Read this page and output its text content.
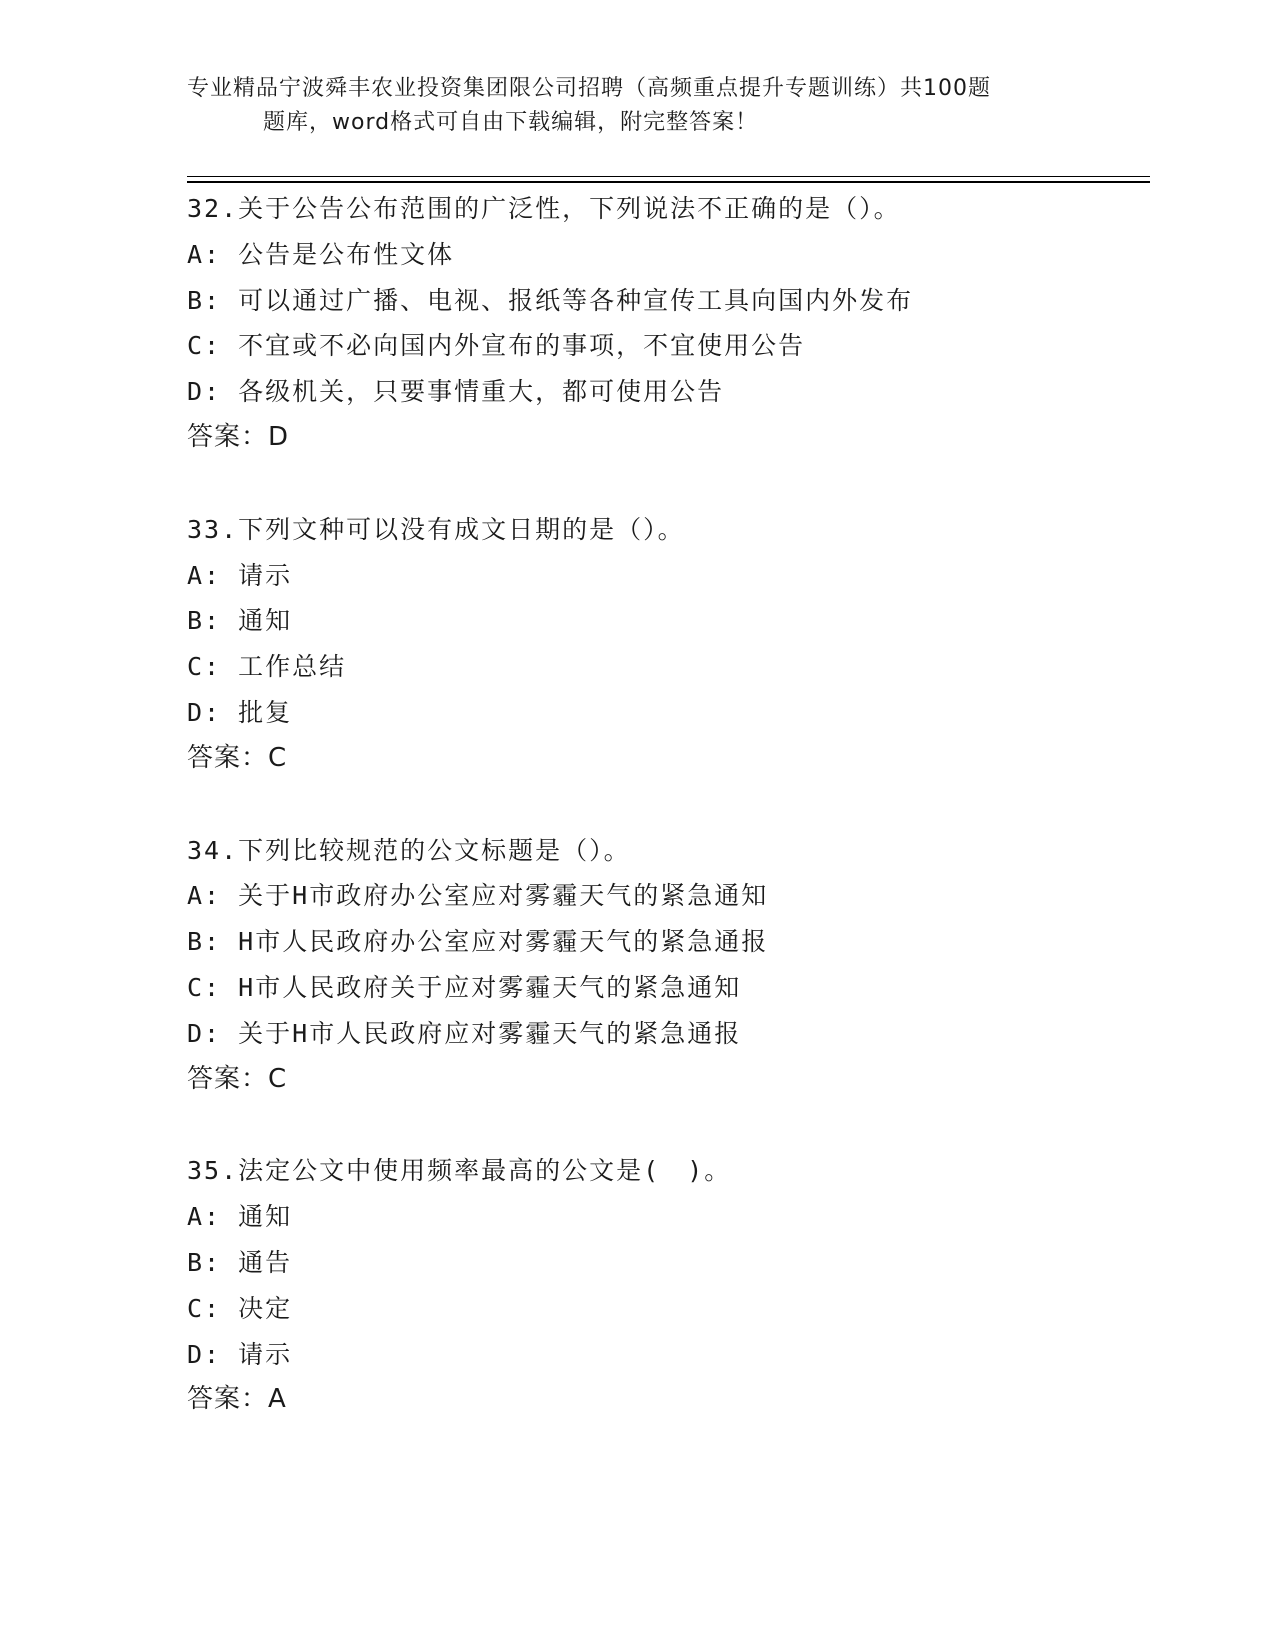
专业精品宁波舜丰农业投资集团限公司招聘（高频重点提升专题训练）共100题
题库，word格式可自由下载编辑，附完整答案！
32.关于公告公布范围的广泛性，下列说法不正确的是（）。
A: 公告是公布性文体
B: 可以通过广播、电视、报纸等各种宣传工具向国内外发布
C: 不宜或不必向国内外宣布的事项，不宜使用公告
D: 各级机关，只要事情重大，都可使用公告
答案：D
33.下列文种可以没有成文日期的是（）。
A: 请示
B: 通知
C: 工作总结
D: 批复
答案：C
34.下列比较规范的公文标题是（）。
A: 关于H市政府办公室应对雾霾天气的紧急通知
B: H市人民政府办公室应对雾霾天气的紧急通报
C: H市人民政府关于应对雾霾天气的紧急通知
D: 关于H市人民政府应对雾霾天气的紧急通报
答案：C
35.法定公文中使用频率最高的公文是(　)。
A: 通知
B: 通告
C: 决定
D: 请示
答案：A
